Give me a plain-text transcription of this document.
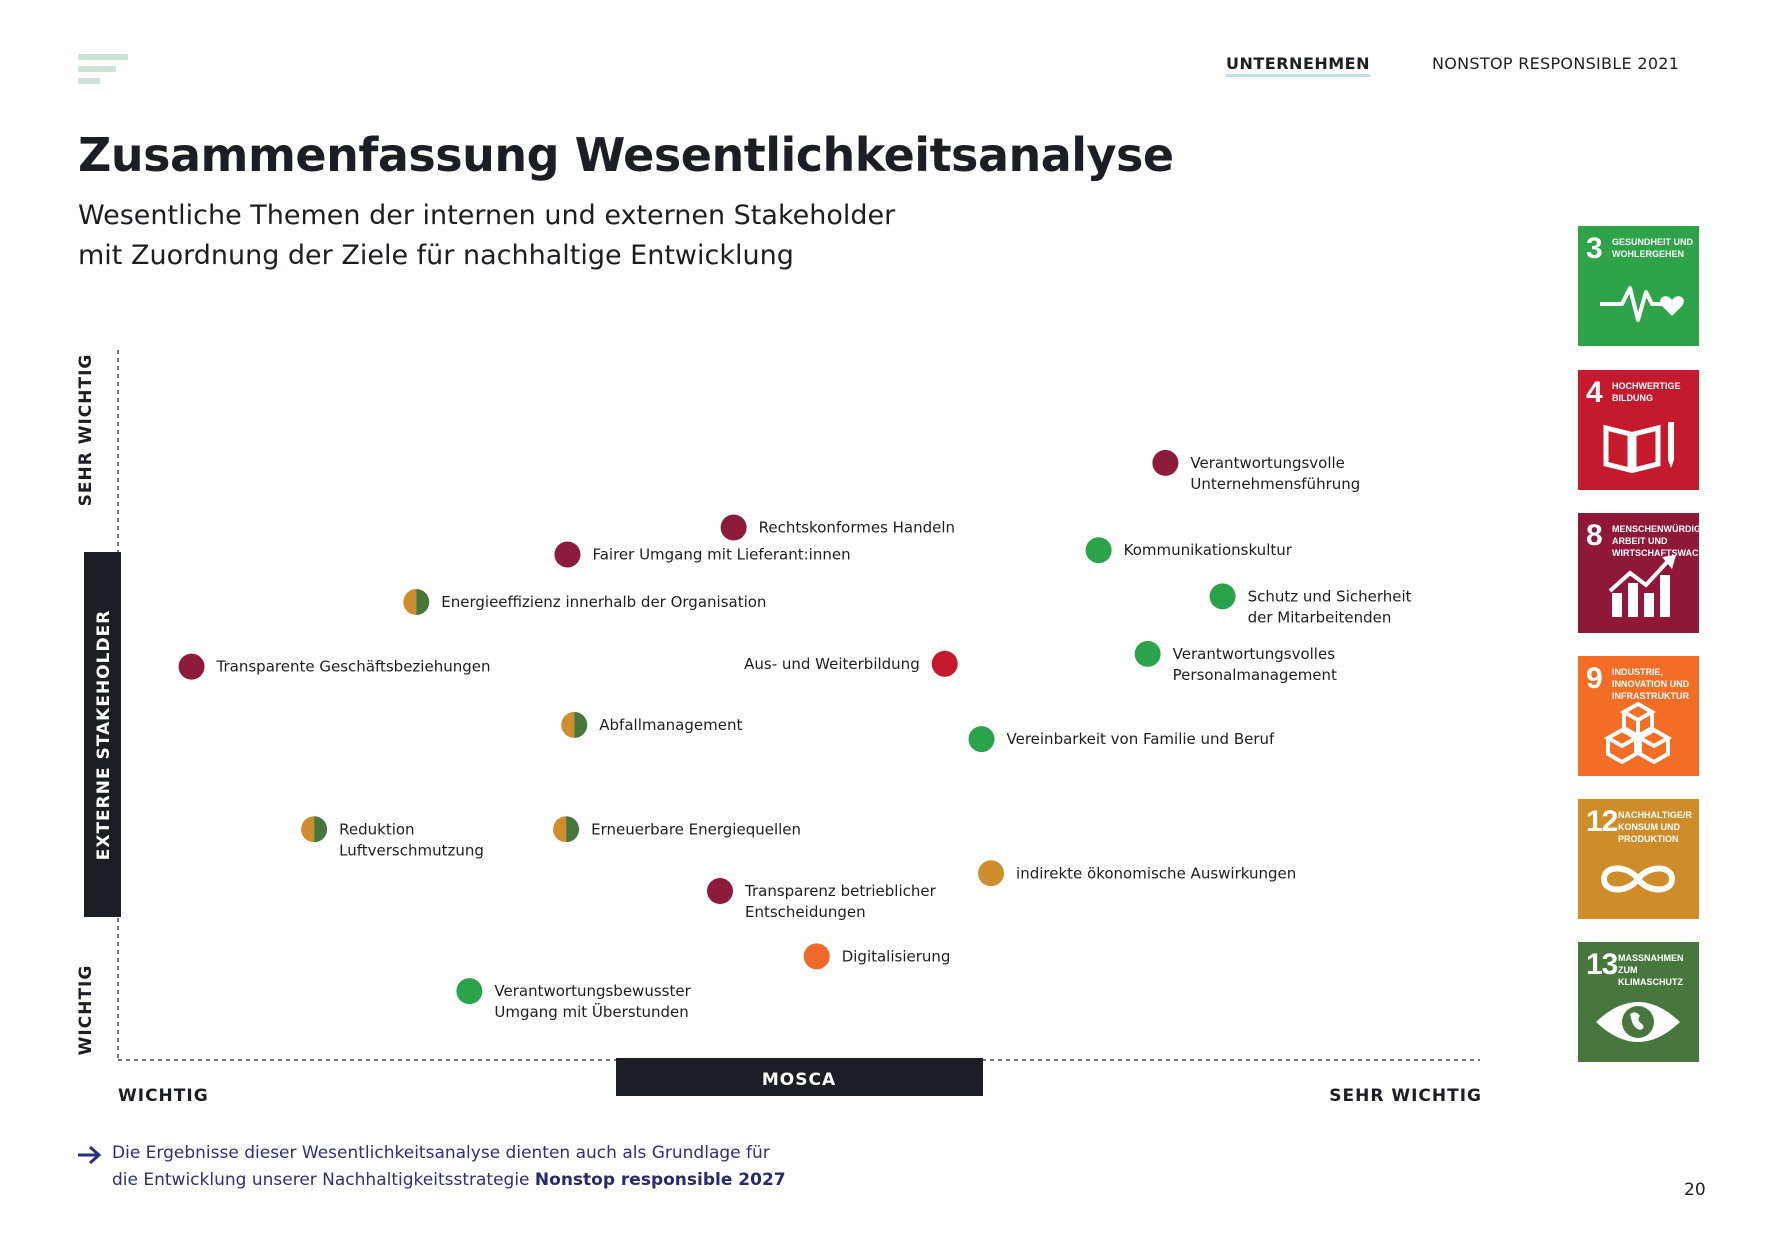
UNTERNEHMEN	NONSTOP RESPONSIBLE 2021
Zusammenfassung Wesentlichkeitsanalyse
Wesentliche Themen der internen und externen Stakeholder
mit Zuordnung der Ziele für nachhaltige Entwicklung
EXTERNE STAKEHOLDER
SEHR WICHTIG
WICHTIG
MOSCA
WICHTIG	SEHR WICHTIG
Verantwortungsvolle Unternehmensführung
Rechtskonformes Handeln
Fairer Umgang mit Lieferant:innen	Kommunikationskultur
Energieeffizienz innerhalb der Organisation	Schutz und Sicherheit der Mitarbeitenden
Transparente Geschäftsbeziehungen	Aus- und Weiterbildung
Verantwortungsvolles Personalmanagement
Abfallmanagement
Vereinbarkeit von Familie und Beruf
Reduktion Luftverschmutzung
Erneuerbare Energiequellen
indirekte ökonomische Auswirkungen
Transparenz betrieblicher Entscheidungen
Digitalisierung
Verantwortungsbewusster Umgang mit Überstunden
3 GESUNDHEIT UND WOHLERGEHEN
4 HOCHWERTIGE BILDUNG
8 MENSCHENWÜRDIGE ARBEIT UND WIRTSCHAFTSWACHSTUM
9 INDUSTRIE, INNOVATION UND INFRASTRUKTUR
12 NACHHALTIGE/R KONSUM UND PRODUKTION
13 MASSNAHMEN ZUM KLIMASCHUTZ
Die Ergebnisse dieser Wesentlichkeitsanalyse dienten auch als Grundlage für
die Entwicklung unserer Nachhaltigkeitsstrategie Nonstop responsible 2027	20
